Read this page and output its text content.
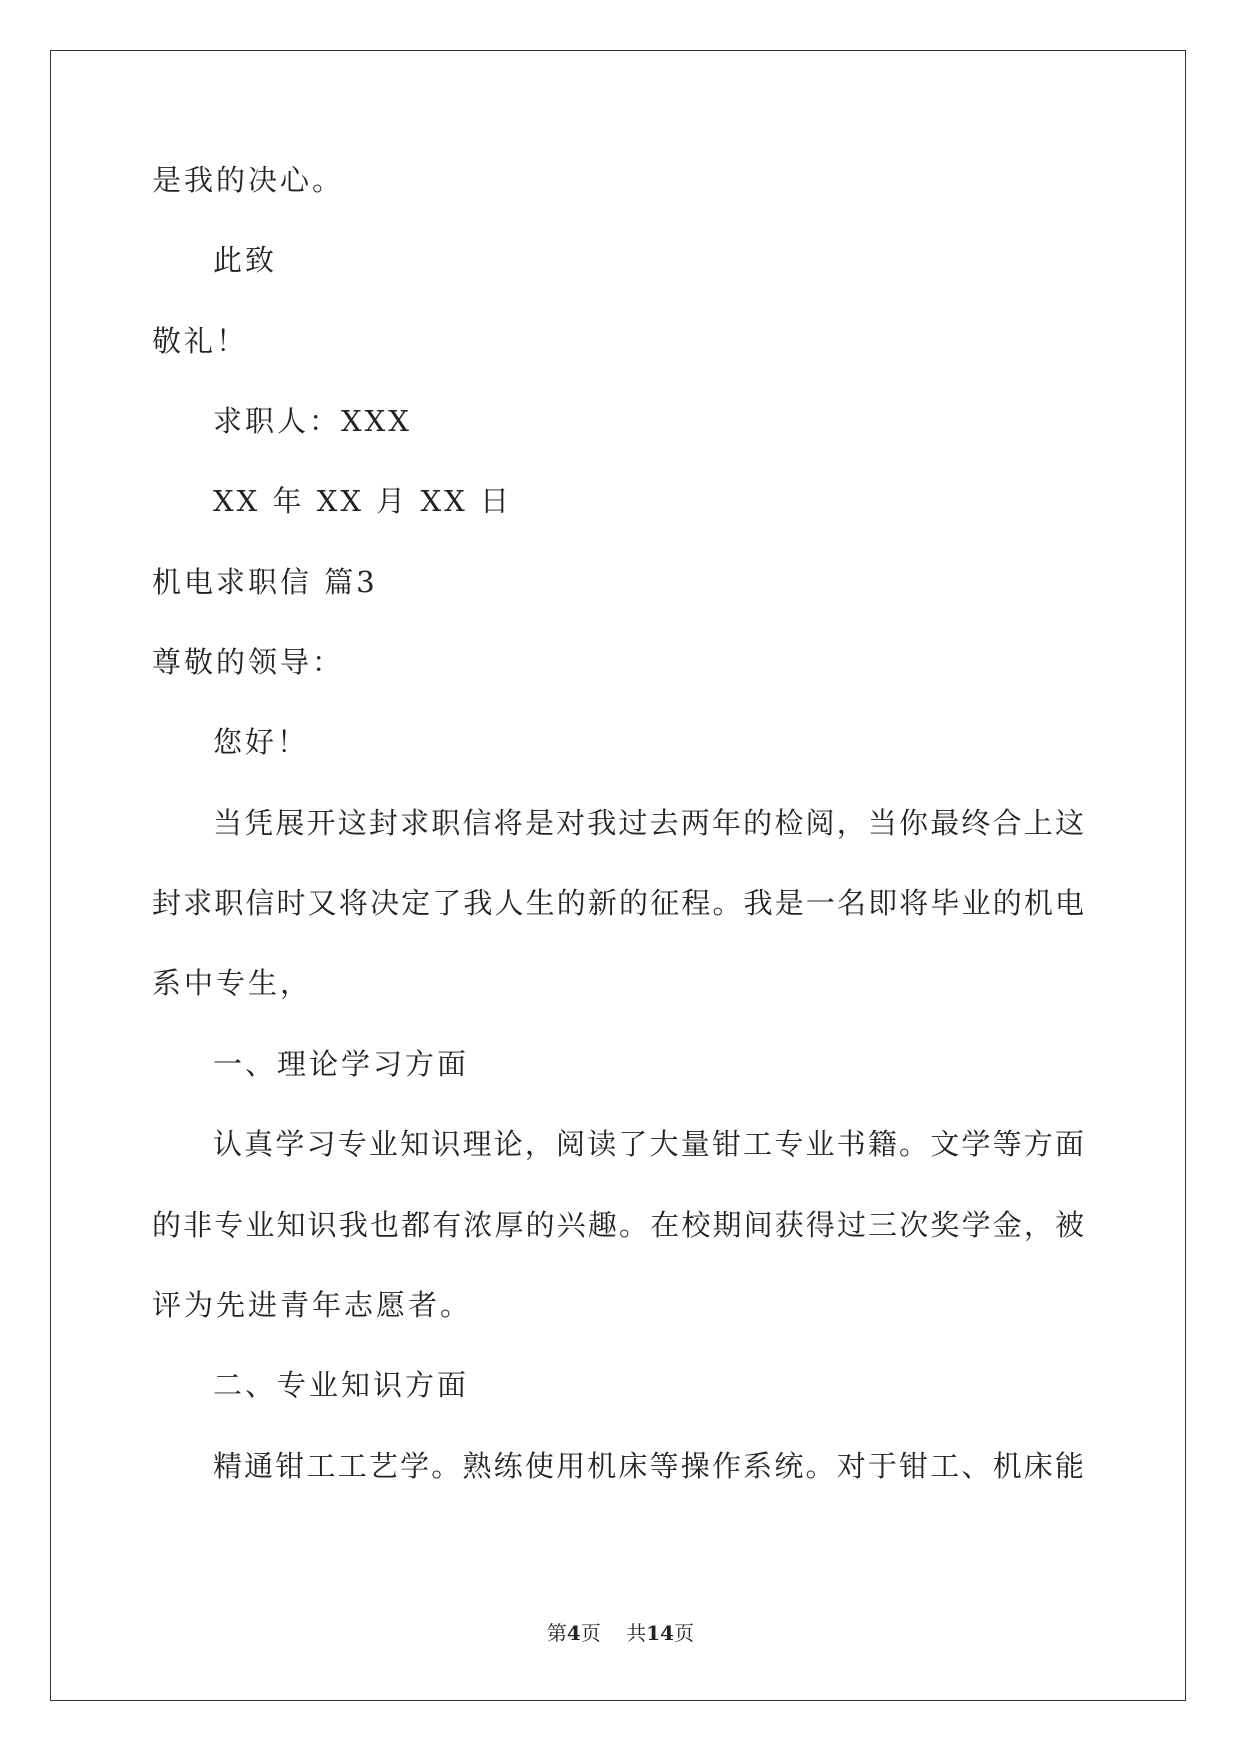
是我的决心。
此致
敬礼！
求职人：XXX
XX 年 XX 月 XX 日
机电求职信 篇3
尊敬的领导：
您好！
当凭展开这封求职信将是对我过去两年的检阅，当你最终合上这
封求职信时又将决定了我人生的新的征程。我是一名即将毕业的机电
系中专生，
一、理论学习方面
认真学习专业知识理论，阅读了大量钳工专业书籍。文学等方面
的非专业知识我也都有浓厚的兴趣。在校期间获得过三次奖学金，被
评为先进青年志愿者。
二、专业知识方面
精通钳工工艺学。熟练使用机床等操作系统。对于钳工、机床能
第4页 共14页
